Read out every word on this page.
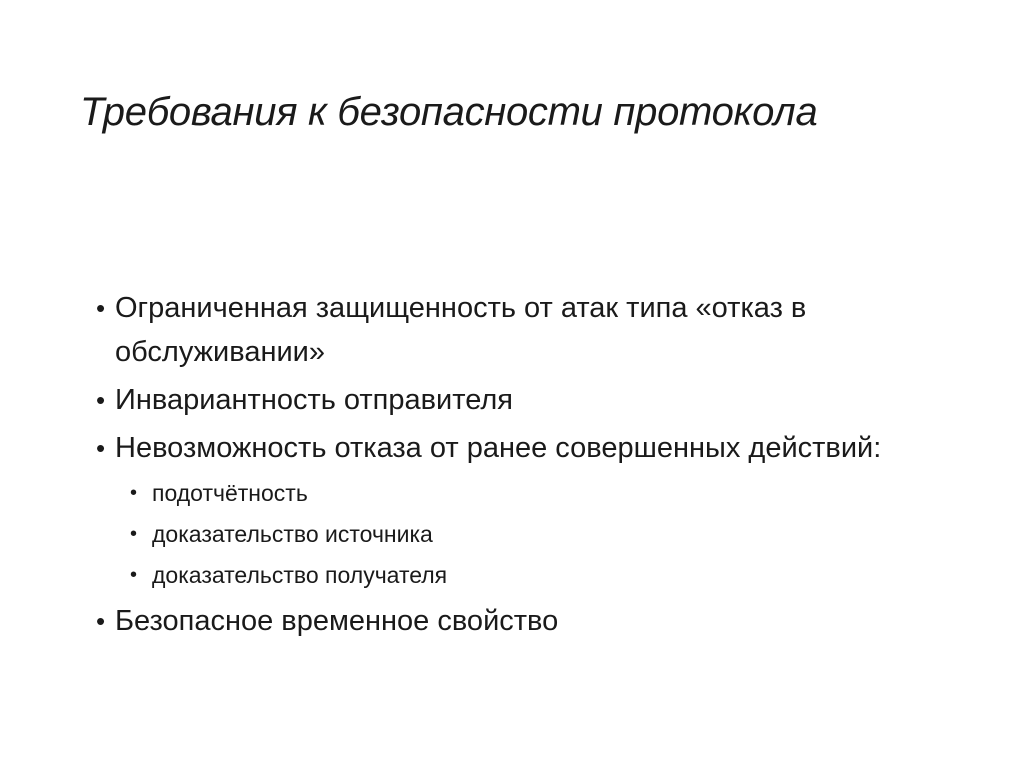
Требования к безопасности протокола
• Ограниченная защищенность от атак типа «отказ в обслуживании»
• Инвариантность отправителя
• Невозможность отказа от ранее совершенных действий:
• подотчётность
• доказательство источника
• доказательство получателя
• Безопасное временное свойство
